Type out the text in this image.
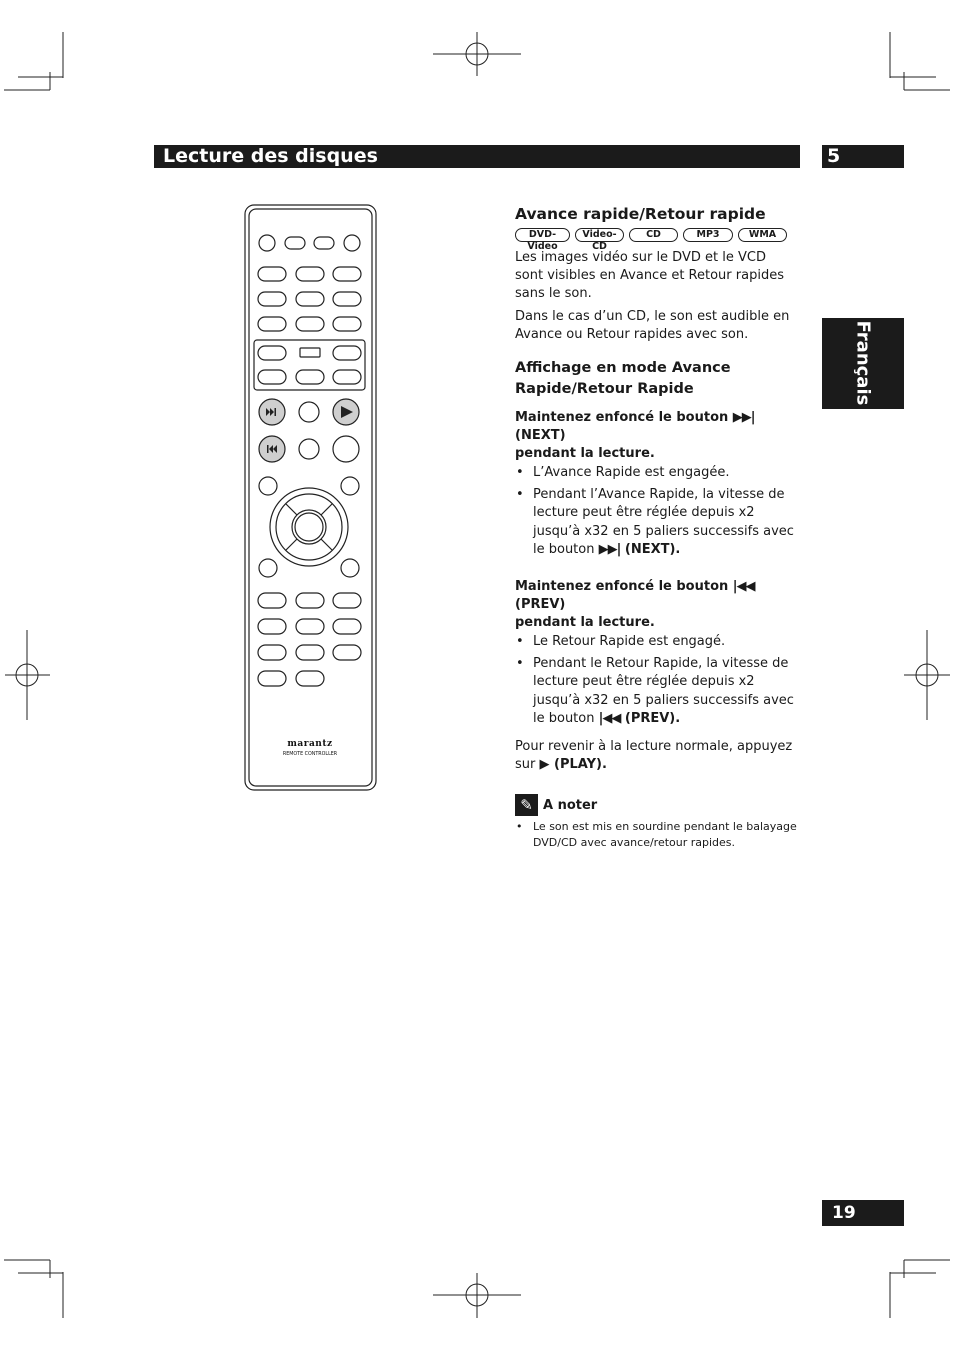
Lecture des disques	5
Français
19
marantz
REMOTE CONTROLLER
Avance rapide/Retour rapide
DVD-Video
Video-CD
CD	MP3	WMA

Les images vidéo sur le DVD et le VCD sont visibles en Avance et Retour rapides sans le son.

Dans le cas d’un CD, le son est audible en Avance ou Retour rapides avec son.

Affichage en mode Avance
Rapide/Retour Rapide

Maintenez enfoncé le bouton ▶▶| (NEXT)
pendant la lecture.

• L’Avance Rapide est engagée.
• Pendant l’Avance Rapide, la vitesse de lecture peut être réglée depuis x2 jusqu’à x32 en 5 paliers successifs avec le bouton ▶▶| (NEXT).

Maintenez enfoncé le bouton |◀◀ (PREV)
pendant la lecture.

• Le Retour Rapide est engagé.
• Pendant le Retour Rapide, la vitesse de lecture peut être réglée depuis x2 jusqu’à x32 en 5 paliers successifs avec le bouton |◀◀ (PREV).

Pour revenir à la lecture normale, appuyez sur ▶ (PLAY).

✎ A noter
• Le son est mis en sourdine pendant le balayage DVD/CD avec avance/retour rapides.
